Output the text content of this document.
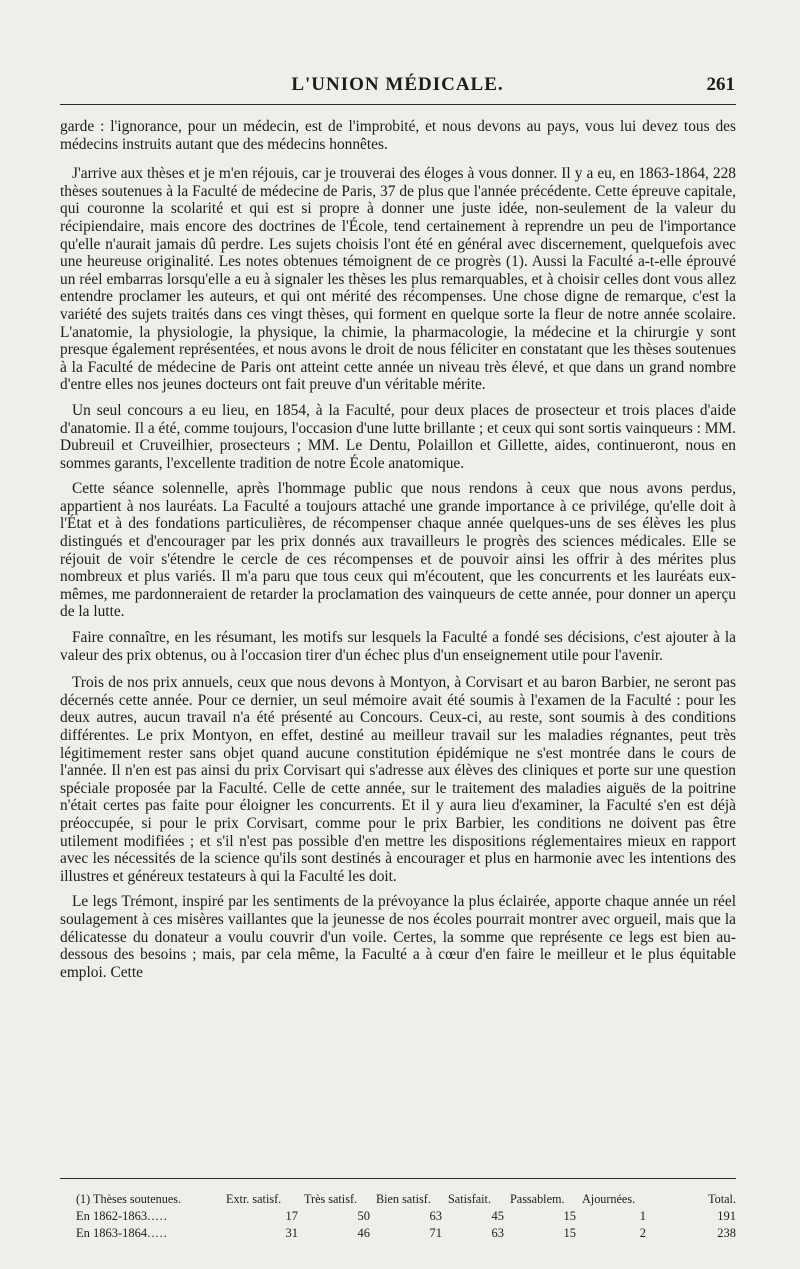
L'UNION MÉDICALE.	261

garde : l'ignorance, pour un médecin, est de l'improbité, et nous devons au pays, vous lui devez tous des médecins instruits autant que des médecins honnêtes.

J'arrive aux thèses et je m'en réjouis, car je trouverai des éloges à vous donner. Il y a eu, en 1863-1864, 228 thèses soutenues à la Faculté de médecine de Paris, 37 de plus que l'année précédente. Cette épreuve capitale, qui couronne la scolarité et qui est si propre à donner une juste idée, non-seulement de la valeur du récipiendaire, mais encore des doctrines de l'École, tend certainement à reprendre un peu de l'importance qu'elle n'aurait jamais dû perdre. Les sujets choisis l'ont été en général avec discernement, quelquefois avec une heureuse originalité. Les notes obtenues témoignent de ce progrès (1). Aussi la Faculté a-t-elle éprouvé un réel embarras lorsqu'elle a eu à signaler les thèses les plus remarquables, et à choisir celles dont vous allez entendre proclamer les auteurs, et qui ont mérité des récompenses. Une chose digne de remarque, c'est la variété des sujets traités dans ces vingt thèses, qui forment en quelque sorte la fleur de notre année scolaire. L'anatomie, la physiologie, la physique, la chimie, la pharmacologie, la médecine et la chirurgie y sont presque également représentées, et nous avons le droit de nous féliciter en constatant que les thèses soutenues à la Faculté de médecine de Paris ont atteint cette année un niveau très élevé, et que dans un grand nombre d'entre elles nos jeunes docteurs ont fait preuve d'un véritable mérite.

Un seul concours a eu lieu, en 1854, à la Faculté, pour deux places de prosecteur et trois places d'aide d'anatomie. Il a été, comme toujours, l'occasion d'une lutte brillante ; et ceux qui sont sortis vainqueurs : MM. Dubreuil et Cruveilhier, prosecteurs ; MM. Le Dentu, Polaillon et Gillette, aides, continueront, nous en sommes garants, l'excellente tradition de notre École anatomique.

Cette séance solennelle, après l'hommage public que nous rendons à ceux que nous avons perdus, appartient à nos lauréats. La Faculté a toujours attaché une grande importance à ce privilége, qu'elle doit à l'État et à des fondations particulières, de récompenser chaque année quelques-uns de ses élèves les plus distingués et d'encourager par les prix donnés aux travailleurs le progrès des sciences médicales. Elle se réjouit de voir s'étendre le cercle de ces récompenses et de pouvoir ainsi les offrir à des mérites plus nombreux et plus variés. Il m'a paru que tous ceux qui m'écoutent, que les concurrents et les lauréats eux-mêmes, me pardonneraient de retarder la proclamation des vainqueurs de cette année, pour donner un aperçu de la lutte.

Faire connaître, en les résumant, les motifs sur lesquels la Faculté a fondé ses décisions, c'est ajouter à la valeur des prix obtenus, ou à l'occasion tirer d'un échec plus d'un enseignement utile pour l'avenir.

Trois de nos prix annuels, ceux que nous devons à Montyon, à Corvisart et au baron Barbier, ne seront pas décernés cette année. Pour ce dernier, un seul mémoire avait été soumis à l'examen de la Faculté : pour les deux autres, aucun travail n'a été présenté au Concours. Ceux-ci, au reste, sont soumis à des conditions différentes. Le prix Montyon, en effet, destiné au meilleur travail sur les maladies régnantes, peut très légitimement rester sans objet quand aucune constitution épidémique ne s'est montrée dans le cours de l'année. Il n'en est pas ainsi du prix Corvisart qui s'adresse aux élèves des cliniques et porte sur une question spéciale proposée par la Faculté. Celle de cette année, sur le traitement des maladies aiguës de la poitrine n'était certes pas faite pour éloigner les concurrents. Et il y aura lieu d'examiner, la Faculté s'en est déjà préoccupée, si pour le prix Corvisart, comme pour le prix Barbier, les conditions ne doivent pas être utilement modifiées ; et s'il n'est pas possible d'en mettre les dispositions réglementaires mieux en rapport avec les nécessités de la science qu'ils sont destinés à encourager et plus en harmonie avec les intentions des illustres et généreux testateurs à qui la Faculté les doit.

Le legs Trémont, inspiré par les sentiments de la prévoyance la plus éclairée, apporte chaque année un réel soulagement à ces misères vaillantes que la jeunesse de nos écoles pourrait montrer avec orgueil, mais que la délicatesse du donateur a voulu couvrir d'un voile. Certes, la somme que représente ce legs est bien au-dessous des besoins ; mais, par cela même, la Faculté a à cœur d'en faire le meilleur et le plus équitable emploi. Cette

(1) Thèses soutenues.	Extr. satisf.	Très satisf.	Bien satisf.	Satisfait.	Passablem.	Ajournées.	Total.
En 1862-1863.....	17	50	63	45	15	1	191
En 1863-1864.....	31	46	71	63	15	2	238
